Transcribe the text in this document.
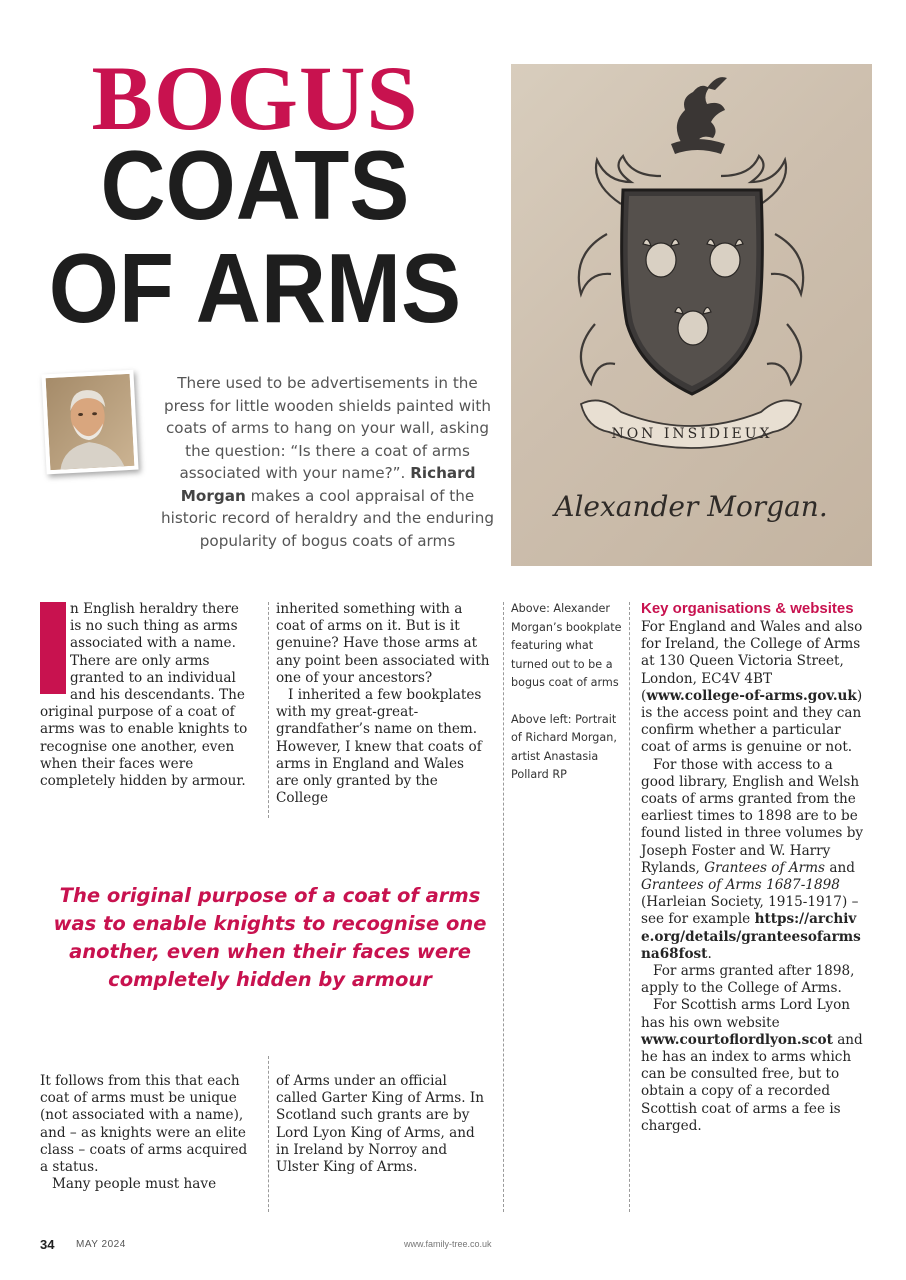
BOGUS
COATS
OF ARMS
There used to be advertisements in the press for little wooden shields painted with coats of arms to hang on your wall, asking the question: “Is there a coat of arms associated with your name?”. Richard Morgan makes a cool appraisal of the historic record of heraldry and the enduring popularity of bogus coats of arms
NON INSIDIEUX
Alexander Morgan.

n English heraldry there is no such thing as arms associated with a name. There are only arms granted to an individual and his descendants. The original purpose of a coat of arms was to enable knights to recognise one another, even when their faces were completely hidden by armour.

inherited something with a coat of arms on it. But is it genuine? Have those arms at any point been associated with one of your ancestors?

I inherited a few bookplates with my great-great-grandfather’s name on them. However, I knew that coats of arms in England and Wales are only granted by the College

Above: Alexander Morgan’s bookplate featuring what turned out to be a bogus coat of arms
Above left: Portrait of Richard Morgan, artist Anastasia Pollard RP
The original purpose of a coat of arms was to enable knights to recognise one another, even when their faces were completely hidden by armour

It follows from this that each coat of arms must be unique (not associated with a name), and – as knights were an elite class – coats of arms acquired a status.

Many people must have

of Arms under an official called Garter King of Arms. In Scotland such grants are by Lord Lyon King of Arms, and in Ireland by Norroy and Ulster King of Arms.

Key organisations & websites

For England and Wales and also for Ireland, the College of Arms at 130 Queen Victoria Street, London, EC4V 4BT (www.college-of-arms.gov.uk) is the access point and they can confirm whether a particular coat of arms is genuine or not.

For those with access to a good library, English and Welsh coats of arms granted from the earliest times to 1898 are to be found listed in three volumes by Joseph Foster and W. Harry Rylands, Grantees of Arms and Grantees of Arms 1687-1898 (Harleian Society, 1915-1917) – see for example https://archive.org/details/granteesofarmsna68fost.

For arms granted after 1898, apply to the College of Arms.

For Scottish arms Lord Lyon has his own website www.courtoflordlyon.scot and he has an index to arms which can be consulted free, but to obtain a copy of a recorded Scottish coat of arms a fee is charged.

34 MAY 2024	www.family-tree.co.uk
